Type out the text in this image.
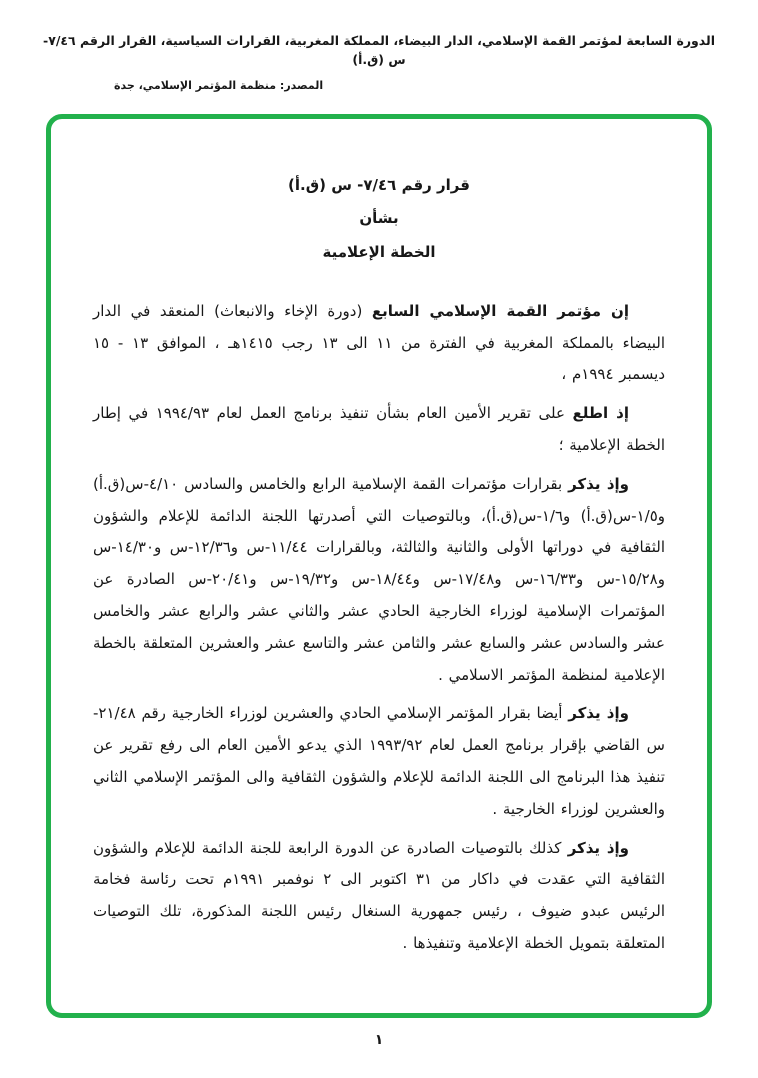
الدورة السابعة لمؤتمر القمة الإسلامي، الدار البيضاء، المملكة المغربية، القرارات السياسية، القرار الرقم ٧/٤٦-س (ق.أ)
المصدر: منظمة المؤتمر الإسلامي، جدة
قرار رقم ٧/٤٦- س (ق.أ)
بشأن
الخطة الإعلامية

إن مؤتمر القمة الإسلامي السابع (دورة الإخاء والانبعاث) المنعقد في الدار البيضاء بالمملكة المغربية في الفترة من ١١ الى ١٣ رجب ١٤١٥هـ ، الموافق ١٣ - ١٥ ديسمبر ١٩٩٤م ،

إذ اطلع على تقرير الأمين العام بشأن تنفيذ برنامج العمل لعام ١٩٩٤/٩٣ في إطار الخطة الإعلامية ؛

وإذ يذكر بقرارات مؤتمرات القمة الإسلامية الرابع والخامس والسادس ٤/١٠-س(ق.أ) و١/٥-س(ق.أ) و١/٦-س(ق.أ)، وبالتوصيات التي أصدرتها اللجنة الدائمة للإعلام والشؤون الثقافية في دوراتها الأولى والثانية والثالثة، وبالقرارات ١١/٤٤-س و١٢/٣٦-س و١٤/٣٠-س و١٥/٢٨-س و١٦/٣٣-س و١٧/٤٨-س و١٨/٤٤-س و١٩/٣٢-س و٢٠/٤١-س الصادرة عن المؤتمرات الإسلامية لوزراء الخارجية الحادي عشر والثاني عشر والرابع عشر والخامس عشر والسادس عشر والسابع عشر والثامن عشر والتاسع عشر والعشرين المتعلقة بالخطة الإعلامية لمنظمة المؤتمر الاسلامي .

وإذ يذكر أيضا بقرار المؤتمر الإسلامي الحادي والعشرين لوزراء الخارجية رقم ٢١/٤٨-س القاضي بإقرار برنامج العمل لعام ١٩٩٣/٩٢ الذي يدعو الأمين العام الى رفع تقرير عن تنفيذ هذا البرنامج الى اللجنة الدائمة للإعلام والشؤون الثقافية والى المؤتمر الإسلامي الثاني والعشرين لوزراء الخارجية .

وإذ يذكر كذلك بالتوصيات الصادرة عن الدورة الرابعة للجنة الدائمة للإعلام والشؤون الثقافية التي عقدت في داكار من ٣١ اكتوبر الى ٢ نوفمبر ١٩٩١م تحت رئاسة فخامة الرئيس عبدو ضيوف ، رئيس جمهورية السنغال رئيس اللجنة المذكورة، تلك التوصيات المتعلقة بتمويل الخطة الإعلامية وتنفيذها .

١
